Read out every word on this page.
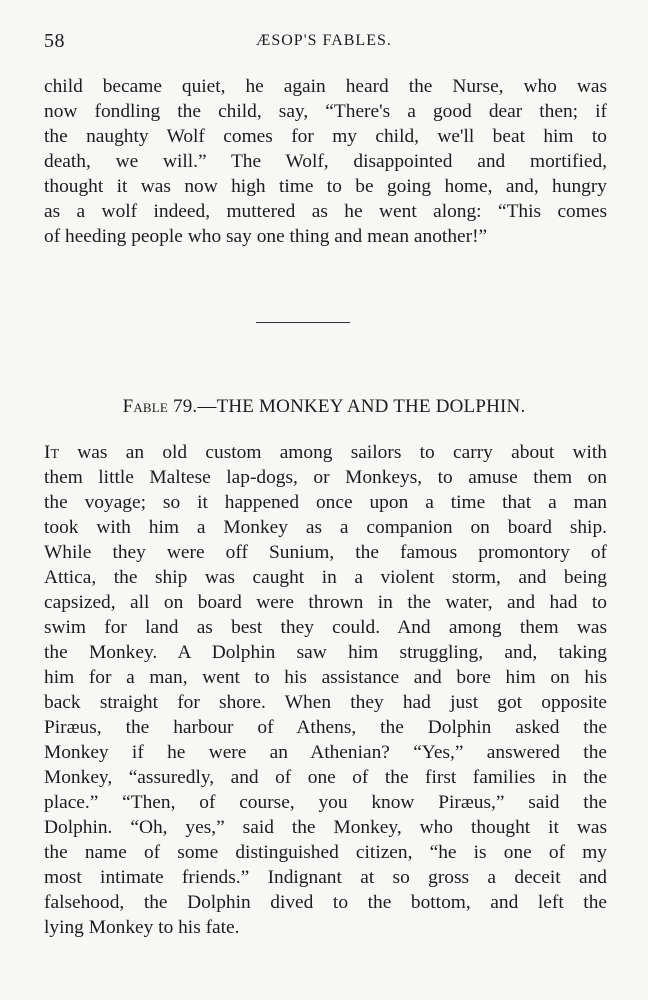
58	ÆSOP'S FABLES.
child became quiet, he again heard the Nurse, who was
now fondling the child, say, “There's a good dear then; if
the naughty Wolf comes for my child, we'll beat him to
death, we will.” The Wolf, disappointed and mortified,
thought it was now high time to be going home, and, hungry
as a wolf indeed, muttered as he went along: “This comes
of heeding people who say one thing and mean another!”
Fable 79.—THE MONKEY AND THE DOLPHIN.
It was an old custom among sailors to carry about with
them little Maltese lap-dogs, or Monkeys, to amuse them on
the voyage; so it happened once upon a time that a man
took with him a Monkey as a companion on board ship.
While they were off Sunium, the famous promontory of
Attica, the ship was caught in a violent storm, and being
capsized, all on board were thrown in the water, and had to
swim for land as best they could. And among them was
the Monkey. A Dolphin saw him struggling, and, taking
him for a man, went to his assistance and bore him on his
back straight for shore. When they had just got opposite
Piræus, the harbour of Athens, the Dolphin asked the
Monkey if he were an Athenian? “Yes,” answered the
Monkey, “assuredly, and of one of the first families in the
place.” “Then, of course, you know Piræus,” said the
Dolphin. “Oh, yes,” said the Monkey, who thought it was
the name of some distinguished citizen, “he is one of my
most intimate friends.” Indignant at so gross a deceit and
falsehood, the Dolphin dived to the bottom, and left the
lying Monkey to his fate.
